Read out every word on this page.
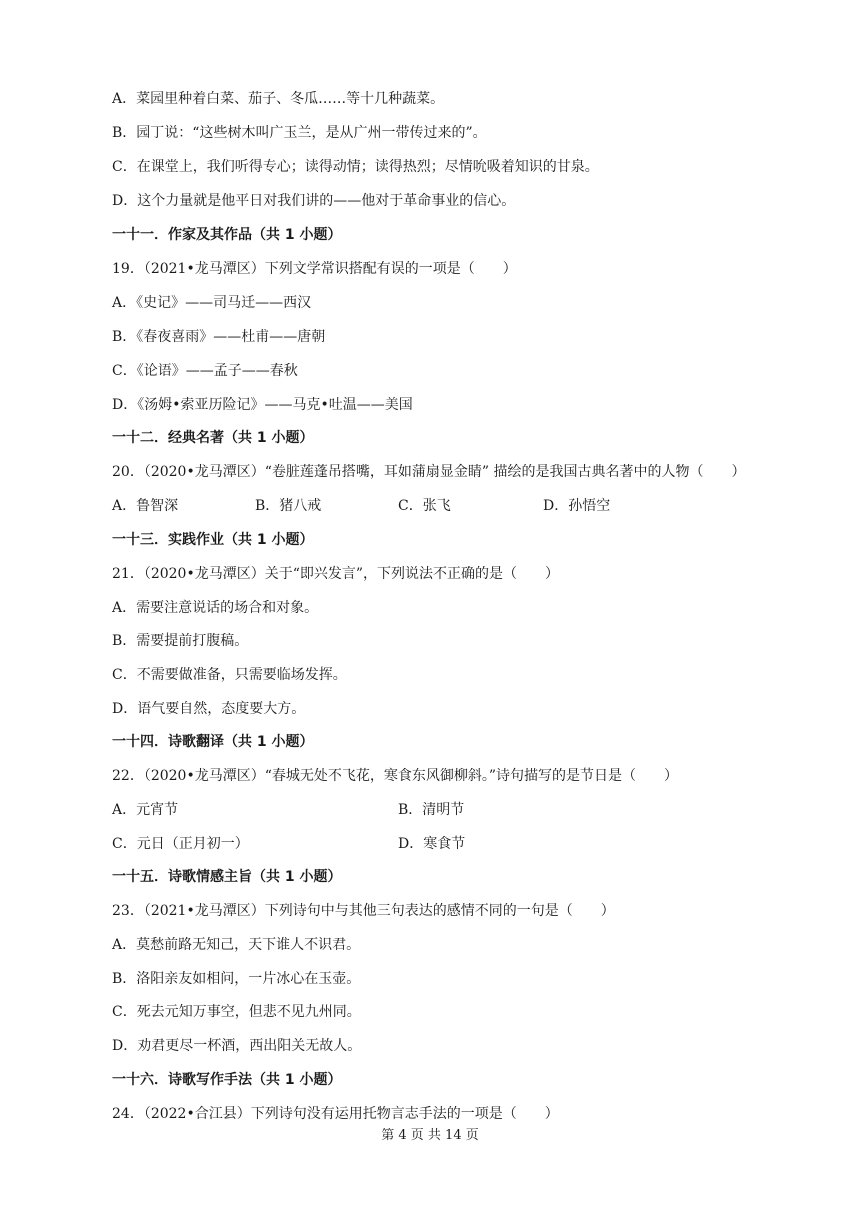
A．菜园里种着白菜、茄子、冬瓜……等十几种蔬菜。
B．园丁说：“这些树木叫广玉兰，是从广州一带传过来的”。
C．在课堂上，我们听得专心；读得动情；读得热烈；尽情吮吸着知识的甘泉。
D．这个力量就是他平日对我们讲的——他对于革命事业的信心。
一十一．作家及其作品（共 1 小题）
19．（2021•龙马潭区）下列文学常识搭配有误的一项是（　　）
A．《史记》——司马迁——西汉
B．《春夜喜雨》——杜甫——唐朝
C．《论语》——孟子——春秋
D．《汤姆•索亚历险记》——马克•吐温——美国
一十二．经典名著（共 1 小题）
20．（2020•龙马潭区）“卷脏莲蓬吊搭嘴，耳如蒲扇显金睛” 描绘的是我国古典名著中的人物（　　）
A．鲁智深	B．猪八戒	C．张飞	D．孙悟空
一十三．实践作业（共 1 小题）
21．（2020•龙马潭区）关于“即兴发言”，下列说法不正确的是（　　）
A．需要注意说话的场合和对象。
B．需要提前打腹稿。
C．不需要做准备，只需要临场发挥。
D．语气要自然，态度要大方。
一十四．诗歌翻译（共 1 小题）
22．（2020•龙马潭区）“春城无处不飞花，寒食东风御柳斜。”诗句描写的是节日是（　　）
A．元宵节	B．清明节
C．元日（正月初一）	D．寒食节
一十五．诗歌情感主旨（共 1 小题）
23．（2021•龙马潭区）下列诗句中与其他三句表达的感情不同的一句是（　　）
A．莫愁前路无知己，天下谁人不识君。
B．洛阳亲友如相问，一片冰心在玉壶。
C．死去元知万事空，但悲不见九州同。
D．劝君更尽一杯酒，西出阳关无故人。
一十六．诗歌写作手法（共 1 小题）
24．（2022•合江县）下列诗句没有运用托物言志手法的一项是（　　）
第 4 页 共 14 页
